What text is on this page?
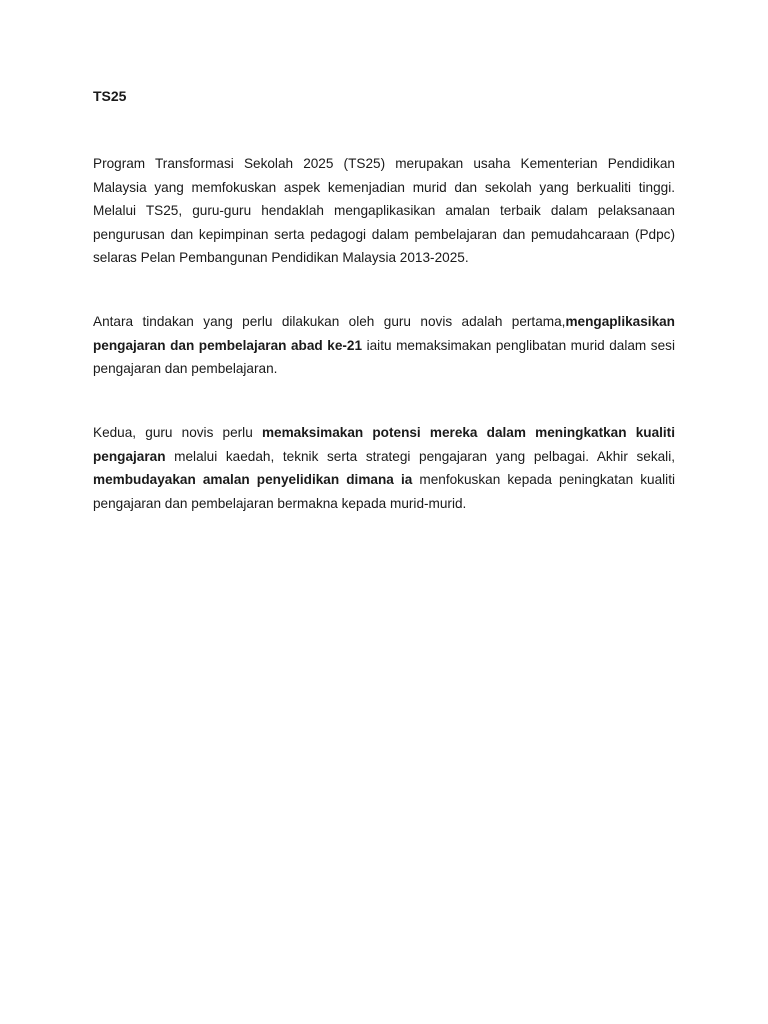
TS25

Program Transformasi Sekolah 2025 (TS25) merupakan usaha Kementerian Pendidikan Malaysia yang memfokuskan aspek kemenjadian murid dan sekolah yang berkualiti tinggi. Melalui TS25, guru-guru hendaklah mengaplikasikan amalan terbaik dalam pelaksanaan pengurusan dan kepimpinan serta pedagogi dalam pembelajaran dan pemudahcaraan (Pdpc) selaras Pelan Pembangunan Pendidikan Malaysia 2013-2025.

Antara tindakan yang perlu dilakukan oleh guru novis adalah pertama,mengaplikasikan pengajaran dan pembelajaran abad ke-21 iaitu memaksimakan penglibatan murid dalam sesi pengajaran dan pembelajaran.

Kedua, guru novis perlu memaksimakan potensi mereka dalam meningkatkan kualiti pengajaran melalui kaedah, teknik serta strategi pengajaran yang pelbagai. Akhir sekali, membudayakan amalan penyelidikan dimana ia menfokuskan kepada peningkatan kualiti pengajaran dan pembelajaran bermakna kepada murid-murid.
